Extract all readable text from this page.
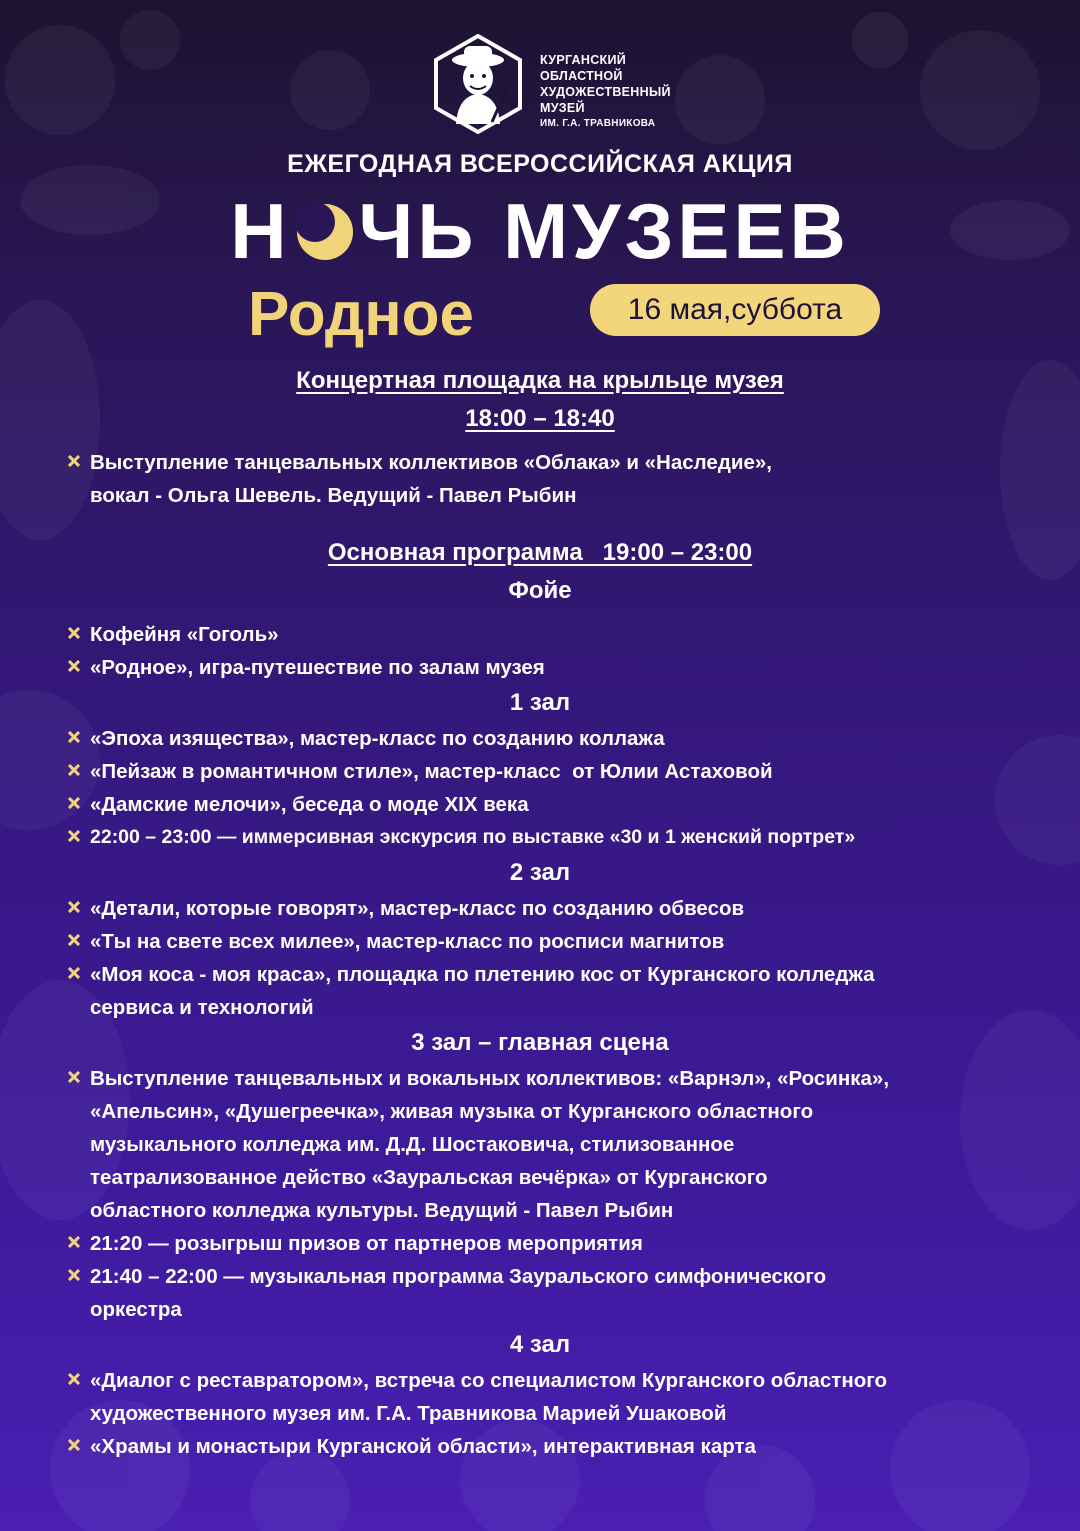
КУРГАНСКИЙ
ОБЛАСТНОЙ
ХУДОЖЕСТВЕННЫЙ
МУЗЕЙ
ИМ. Г.А. ТРАВНИКОВА
ЕЖЕГОДНАЯ ВСЕРОССИЙСКАЯ АКЦИЯ
Н ЧЬ МУЗЕЕВ
Родное	16 мая,суббота
Концертная площадка на крыльце музея
18:00 – 18:40
Выступление танцевальных коллективов «Облака» и «Наследие»,
вокал - Ольга Шевель. Ведущий - Павел Рыбин
Основная программа   19:00 – 23:00
Фойе
Кофейня «Гоголь»
«Родное», игра-путешествие по залам музея
1 зал
«Эпоха изящества», мастер-класс по созданию коллажа
«Пейзаж в романтичном стиле», мастер-класс  от Юлии Астаховой
«Дамские мелочи», беседа о моде XIX века
22:00 – 23:00 — иммерсивная экскурсия по выставке «30 и 1 женский портрет»
2 зал
«Детали, которые говорят», мастер-класс по созданию обвесов
«Ты на свете всех милее», мастер-класс по росписи магнитов
«Моя коса - моя краса», площадка по плетению кос от Курганского колледжа
сервиса и технологий
3 зал – главная сцена
Выступление танцевальных и вокальных коллективов: «Варнэл», «Росинка»,
«Апельсин», «Душегреечка», живая музыка от Курганского областного
музыкального колледжа им. Д.Д. Шостаковича, стилизованное
театрализованное действо «Зауральская вечёрка» от Курганского
областного колледжа культуры. Ведущий - Павел Рыбин
21:20 — розыгрыш призов от партнеров мероприятия
21:40 – 22:00 — музыкальная программа Зауральского симфонического
оркестра
4 зал
«Диалог с реставратором», встреча со специалистом Курганского областного
художественного музея им. Г.А. Травникова Марией Ушаковой
«Храмы и монастыри Курганской области», интерактивная карта
